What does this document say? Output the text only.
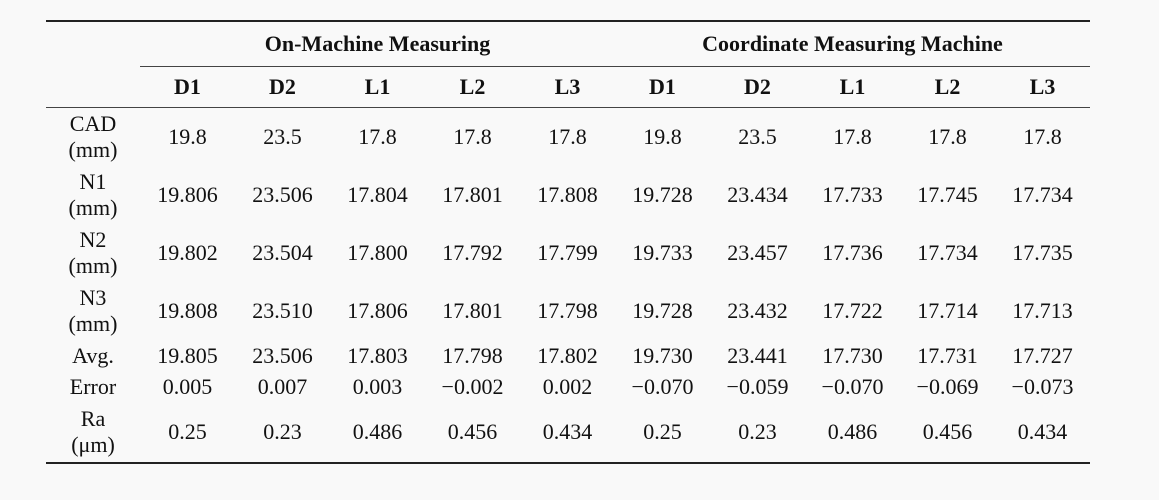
	On-Machine Measuring					Coordinate Measuring Machine				
	D1	D2	L1	L2	L3	D1	D2	L1	L2	L3

CAD
(mm)	19.8	23.5	17.8	17.8	17.8	19.8	23.5	17.8	17.8	17.8

N1
(mm)	19.806	23.506	17.804	17.801	17.808	19.728	23.434	17.733	17.745	17.734

N2
(mm)	19.802	23.504	17.800	17.792	17.799	19.733	23.457	17.736	17.734	17.735

N3
(mm)	19.808	23.510	17.806	17.801	17.798	19.728	23.432	17.722	17.714	17.713

Avg.	19.805	23.506	17.803	17.798	17.802	19.730	23.441	17.730	17.731	17.727

Error	0.005	0.007	0.003	−0.002	0.002	−0.070	−0.059	−0.070	−0.069	−0.073

Ra
(μm)	0.25	0.23	0.486	0.456	0.434	0.25	0.23	0.486	0.456	0.434
